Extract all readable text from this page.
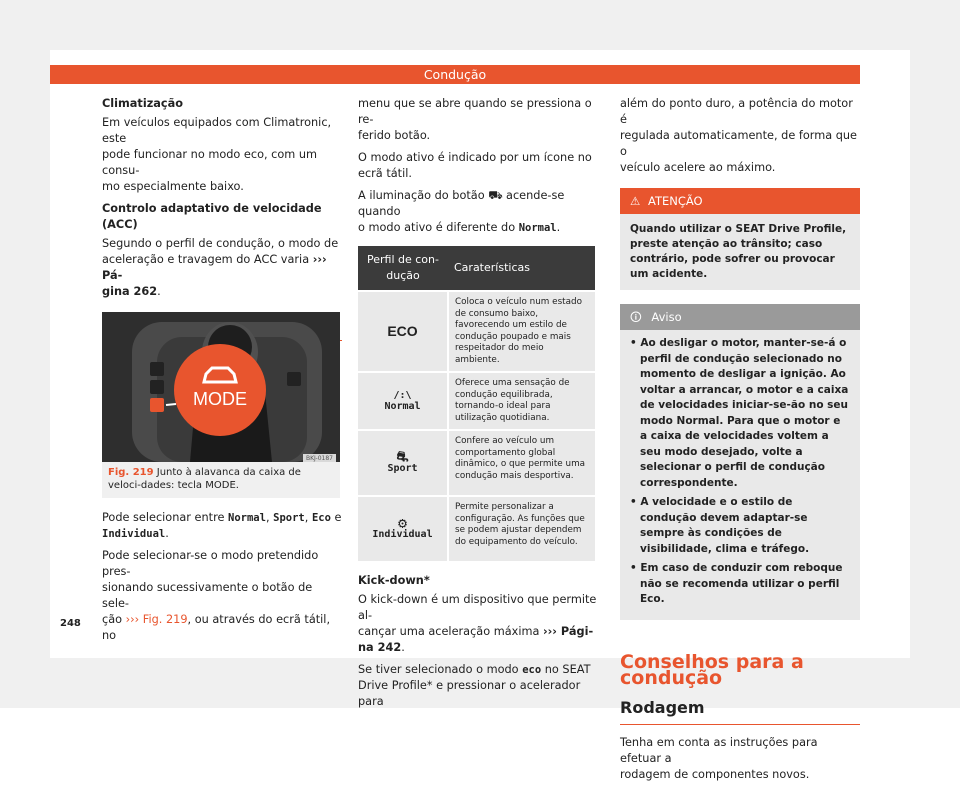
Condução

Climatização

Em veículos equipados com Climatronic, este
pode funcionar no modo eco, com um consu-
mo especialmente baixo.

Controlo adaptativo de velocidade (ACC)

Segundo o perfil de condução, o modo de
aceleração e travagem do ACC varia ››› Pá-
gina 262.

MODE
BKJ-0187
Fig. 219 Junto à alavanca da caixa de veloci-dades: tecla MODE.

Pode selecionar entre Normal, Sport, Eco e
Individual.

Pode selecionar-se o modo pretendido pres-
sionando sucessivamente o botão de sele-
ção ››› Fig. 219, ou através do ecrã tátil, no

menu que se abre quando se pressiona o re-
ferido botão.

O modo ativo é indicado por um ícone no
ecrã tátil.

A iluminação do botão ⛟ acende-se quando
o modo ativo é diferente do Normal.

Perfil de con-dução	Caraterísticas
ECO	Coloca o veículo num estado de consumo baixo, favorecendo um estilo de condução poupado e mais respeitador do meio ambiente.

/:\
Normal	Oferece uma sensação de condução equilibrada, tornando-o ideal para utilização quotidiana.

⛐
Sport	Confere ao veículo um comportamento global dinâmico, o que permite uma condução mais desportiva.

⚙
Individual	Permite personalizar a configuração. As funções que se podem ajustar dependem do equipamento do veículo.

Kick-down*

O kick-down é um dispositivo que permite al-
cançar uma aceleração máxima ››› Pági-
na 242.

Se tiver selecionado o modo eco no SEAT
Drive Profile* e pressionar o acelerador para

além do ponto duro, a potência do motor é
regulada automaticamente, de forma que o
veículo acelere ao máximo.

⚠ ATENÇÃO
Quando utilizar o SEAT Drive Profile, preste atenção ao trânsito; caso contrário, pode sofrer ou provocar um acidente.
🛈 Aviso
• Ao desligar o motor, manter-se-á o perfil de condução selecionado no momento de desligar a ignição. Ao voltar a arrancar, o motor e a caixa de velocidades iniciar-se-ão no seu modo Normal. Para que o motor e a caixa de velocidades voltem a seu modo desejado, volte a selecionar o perfil de condução correspondente.
• A velocidade e o estilo de condução devem adaptar-se sempre às condições de visibilidade, clima e tráfego.
• Em caso de conduzir com reboque não se recomenda utilizar o perfil Eco.
Conselhos para a condução
Rodagem

Tenha em conta as instruções para efetuar a
rodagem de componentes novos.

248
